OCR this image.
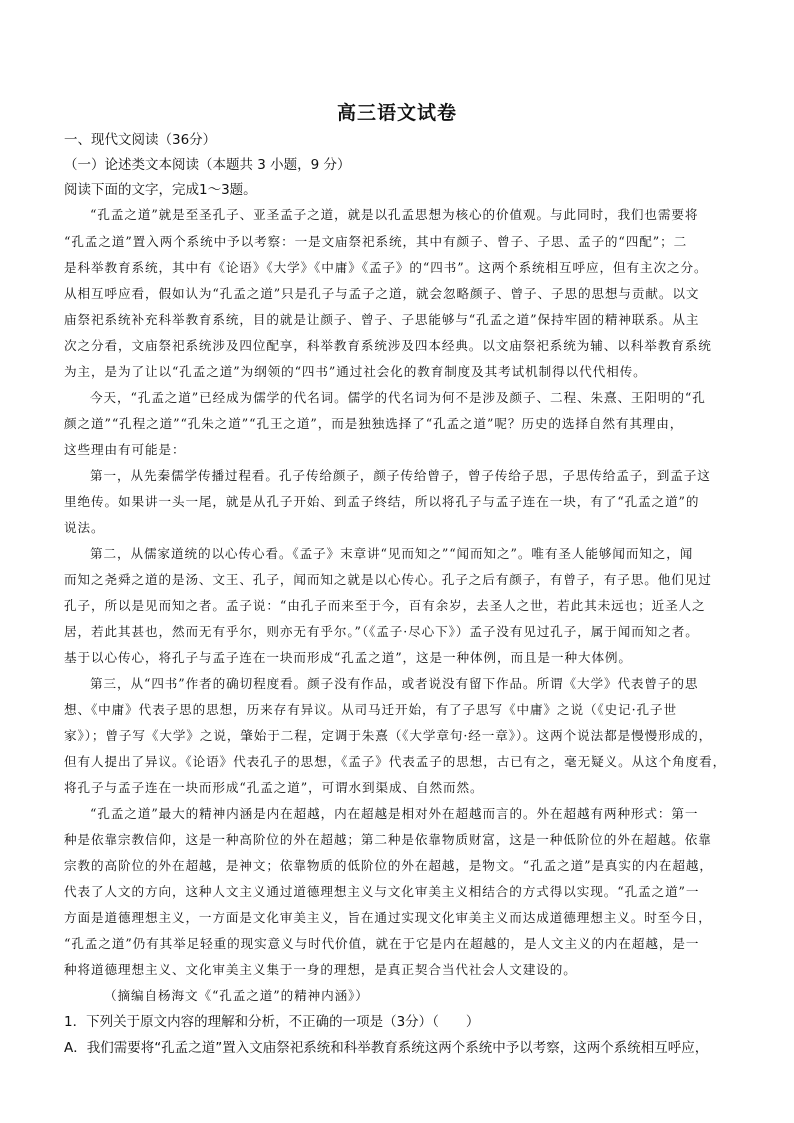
高三语文试卷
一、现代文阅读（36分）
（一）论述类文本阅读（本题共 3 小题，9 分）
阅读下面的文字，完成1～3题。
“孔孟之道”就是至圣孔子、亚圣孟子之道，就是以孔孟思想为核心的价值观。与此同时，我们也需要将
“孔孟之道”置入两个系统中予以考察：一是文庙祭祀系统，其中有颜子、曾子、子思、孟子的“四配”；二
是科举教育系统，其中有《论语》《大学》《中庸》《孟子》的“四书”。这两个系统相互呼应，但有主次之分。
从相互呼应看，假如认为“孔孟之道”只是孔子与孟子之道，就会忽略颜子、曾子、子思的思想与贡献。以文
庙祭祀系统补充科举教育系统，目的就是让颜子、曾子、子思能够与“孔孟之道”保持牢固的精神联系。从主
次之分看，文庙祭祀系统涉及四位配享，科举教育系统涉及四本经典。以文庙祭祀系统为辅、以科举教育系统
为主，是为了让以“孔孟之道”为纲领的“四书”通过社会化的教育制度及其考试机制得以代代相传。
今天，“孔孟之道”已经成为儒学的代名词。儒学的代名词为何不是涉及颜子、二程、朱熹、王阳明的“孔
颜之道”“孔程之道”“孔朱之道”“孔王之道”，而是独独选择了“孔孟之道”呢？历史的选择自然有其理由，
这些理由有可能是：
第一，从先秦儒学传播过程看。孔子传给颜子，颜子传给曾子，曾子传给子思，子思传给孟子，到孟子这
里绝传。如果讲一头一尾，就是从孔子开始、到孟子终结，所以将孔子与孟子连在一块，有了“孔孟之道”的
说法。
第二，从儒家道统的以心传心看。《孟子》末章讲“见而知之”“闻而知之”。唯有圣人能够闻而知之，闻
而知之尧舜之道的是汤、文王、孔子，闻而知之就是以心传心。孔子之后有颜子，有曾子，有子思。他们见过
孔子，所以是见而知之者。孟子说：“由孔子而来至于今，百有余岁，去圣人之世，若此其未远也；近圣人之
居，若此其甚也，然而无有乎尔，则亦无有乎尔。”（《孟子·尽心下》）孟子没有见过孔子，属于闻而知之者。
基于以心传心，将孔子与孟子连在一块而形成“孔孟之道”，这是一种体例，而且是一种大体例。
第三，从“四书”作者的确切程度看。颜子没有作品，或者说没有留下作品。所谓《大学》代表曾子的思
想、《中庸》代表子思的思想，历来存有异议。从司马迁开始，有了子思写《中庸》之说（《史记·孔子世
家》）；曾子写《大学》之说，肇始于二程，定调于朱熹（《大学章句·经一章》）。这两个说法都是慢慢形成的，
但有人提出了异议。《论语》代表孔子的思想，《孟子》代表孟子的思想，古已有之，毫无疑义。从这个角度看，
将孔子与孟子连在一块而形成“孔孟之道”，可谓水到渠成、自然而然。
“孔孟之道”最大的精神内涵是内在超越，内在超越是相对外在超越而言的。外在超越有两种形式：第一
种是依靠宗教信仰，这是一种高阶位的外在超越；第二种是依靠物质财富，这是一种低阶位的外在超越。依靠
宗教的高阶位的外在超越，是神文；依靠物质的低阶位的外在超越，是物文。“孔孟之道”是真实的内在超越，
代表了人文的方向，这种人文主义通过道德理想主义与文化审美主义相结合的方式得以实现。“孔孟之道”一
方面是道德理想主义，一方面是文化审美主义，旨在通过实现文化审美主义而达成道德理想主义。时至今日，
“孔孟之道”仍有其举足轻重的现实意义与时代价值，就在于它是内在超越的，是人文主义的内在超越，是一
种将道德理想主义、文化审美主义集于一身的理想，是真正契合当代社会人文建设的。
（摘编自杨海文《“孔孟之道”的精神内涵》）
1．下列关于原文内容的理解和分析，不正确的一项是（3分）（　　）
A．我们需要将“孔孟之道”置入文庙祭祀系统和科举教育系统这两个系统中予以考察，这两个系统相互呼应，
